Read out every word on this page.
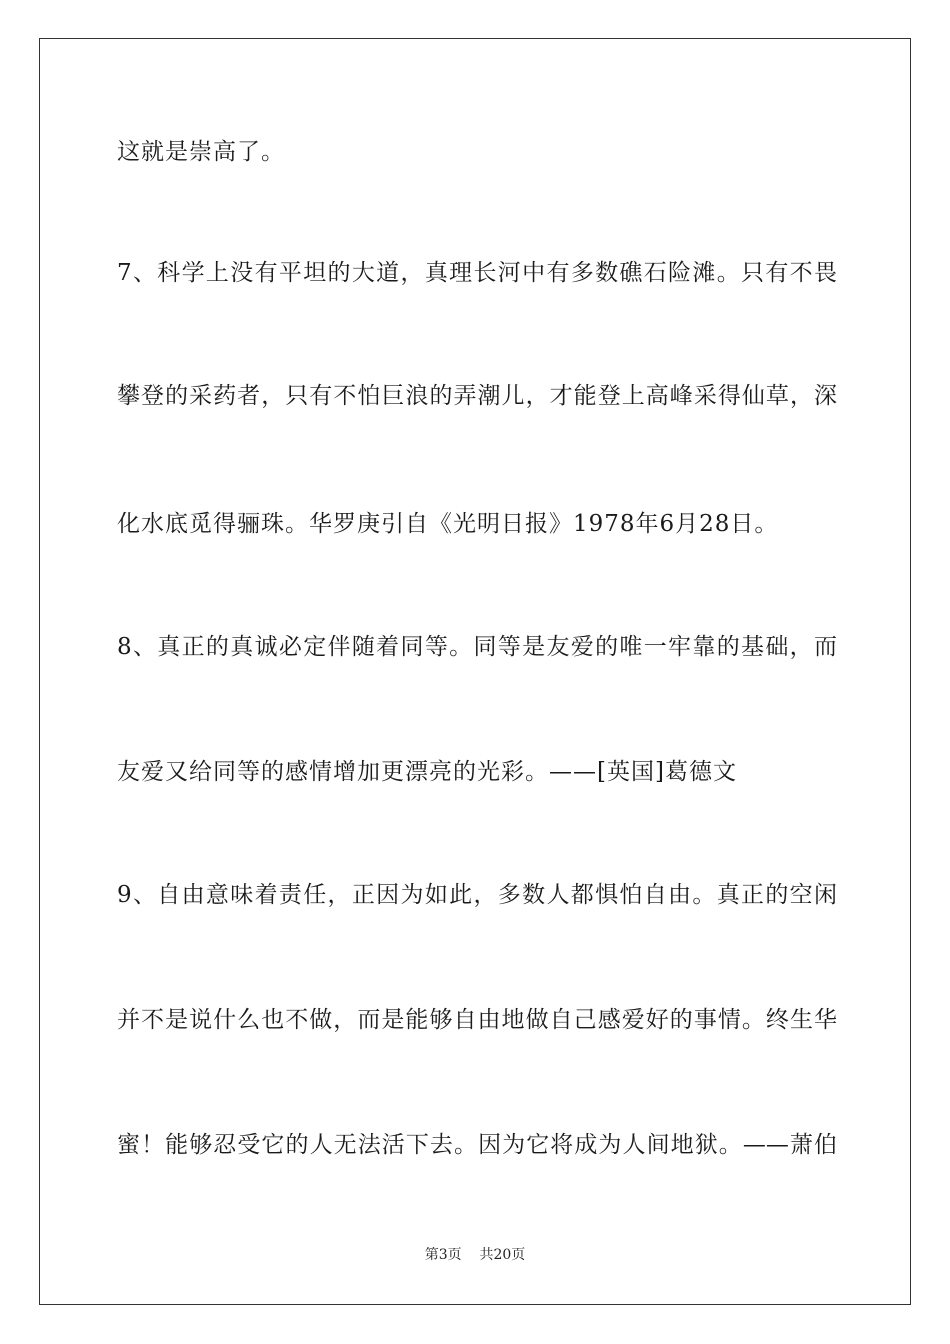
这就是崇高了。
7、科学上没有平坦的大道，真理长河中有多数礁石险滩。只有不畏
攀登的采药者，只有不怕巨浪的弄潮儿，才能登上高峰采得仙草，深
化水底觅得骊珠。华罗庚引自《光明日报》1978年6月28日。
8、真正的真诚必定伴随着同等。同等是友爱的唯一牢靠的基础，而
友爱又给同等的感情增加更漂亮的光彩。——[英国]葛德文
9、自由意味着责任，正因为如此，多数人都惧怕自由。真正的空闲
并不是说什么也不做，而是能够自由地做自己感爱好的事情。终生华
蜜！能够忍受它的人无法活下去。因为它将成为人间地狱。——萧伯
第3页 共20页
